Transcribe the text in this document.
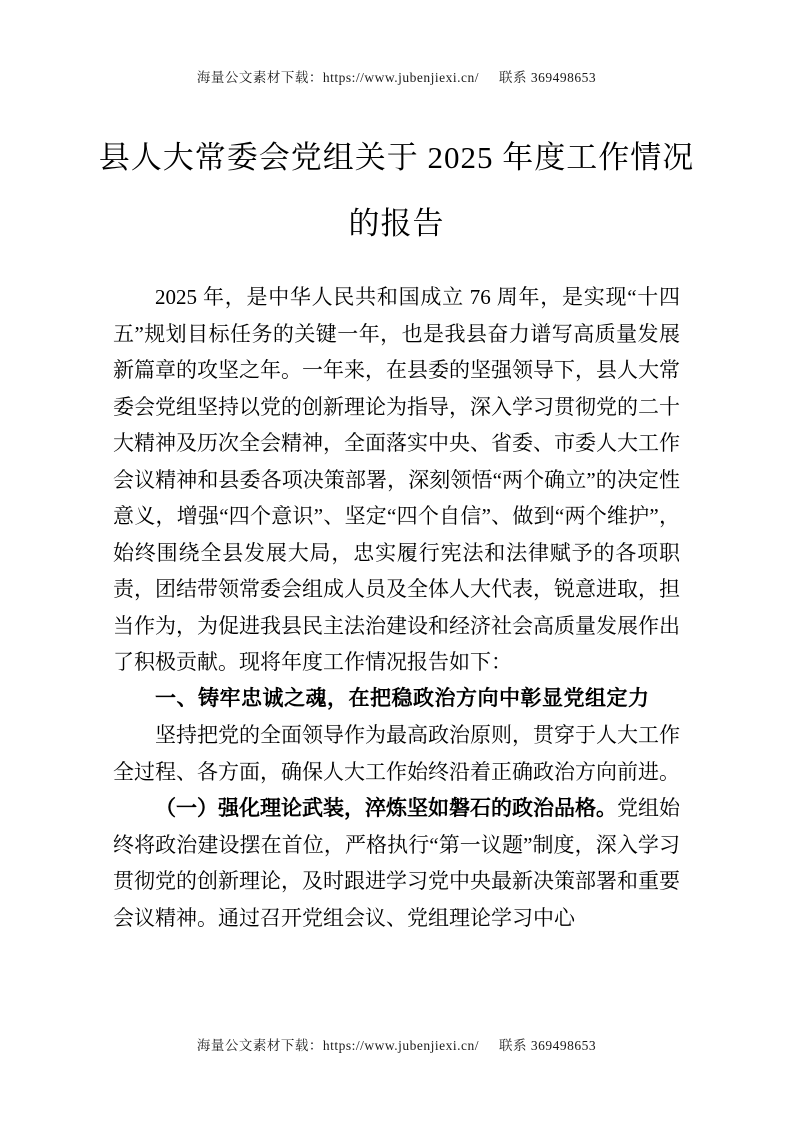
海量公文素材下载：https://www.jubenjiexi.cn/ 联系 369498653
县人大常委会党组关于 2025 年度工作情况
的报告

2025 年，是中华人民共和国成立 76 周年，是实现“十四五”规划目标任务的关键一年，也是我县奋力谱写高质量发展新篇章的攻坚之年。一年来，在县委的坚强领导下，县人大常委会党组坚持以党的创新理论为指导，深入学习贯彻党的二十大精神及历次全会精神，全面落实中央、省委、市委人大工作会议精神和县委各项决策部署，深刻领悟“两个确立”的决定性意义，增强“四个意识”、坚定“四个自信”、做到“两个维护”，始终围绕全县发展大局，忠实履行宪法和法律赋予的各项职责，团结带领常委会组成人员及全体人大代表，锐意进取，担当作为，为促进我县民主法治建设和经济社会高质量发展作出了积极贡献。现将年度工作情况报告如下：

一、铸牢忠诚之魂，在把稳政治方向中彰显党组定力

坚持把党的全面领导作为最高政治原则，贯穿于人大工作全过程、各方面，确保人大工作始终沿着正确政治方向前进。

（一）强化理论武装，淬炼坚如磐石的政治品格。党组始终将政治建设摆在首位，严格执行“第一议题”制度，深入学习贯彻党的创新理论，及时跟进学习党中央最新决策部署和重要会议精神。通过召开党组会议、党组理论学习中心

海量公文素材下载：https://www.jubenjiexi.cn/ 联系 369498653
